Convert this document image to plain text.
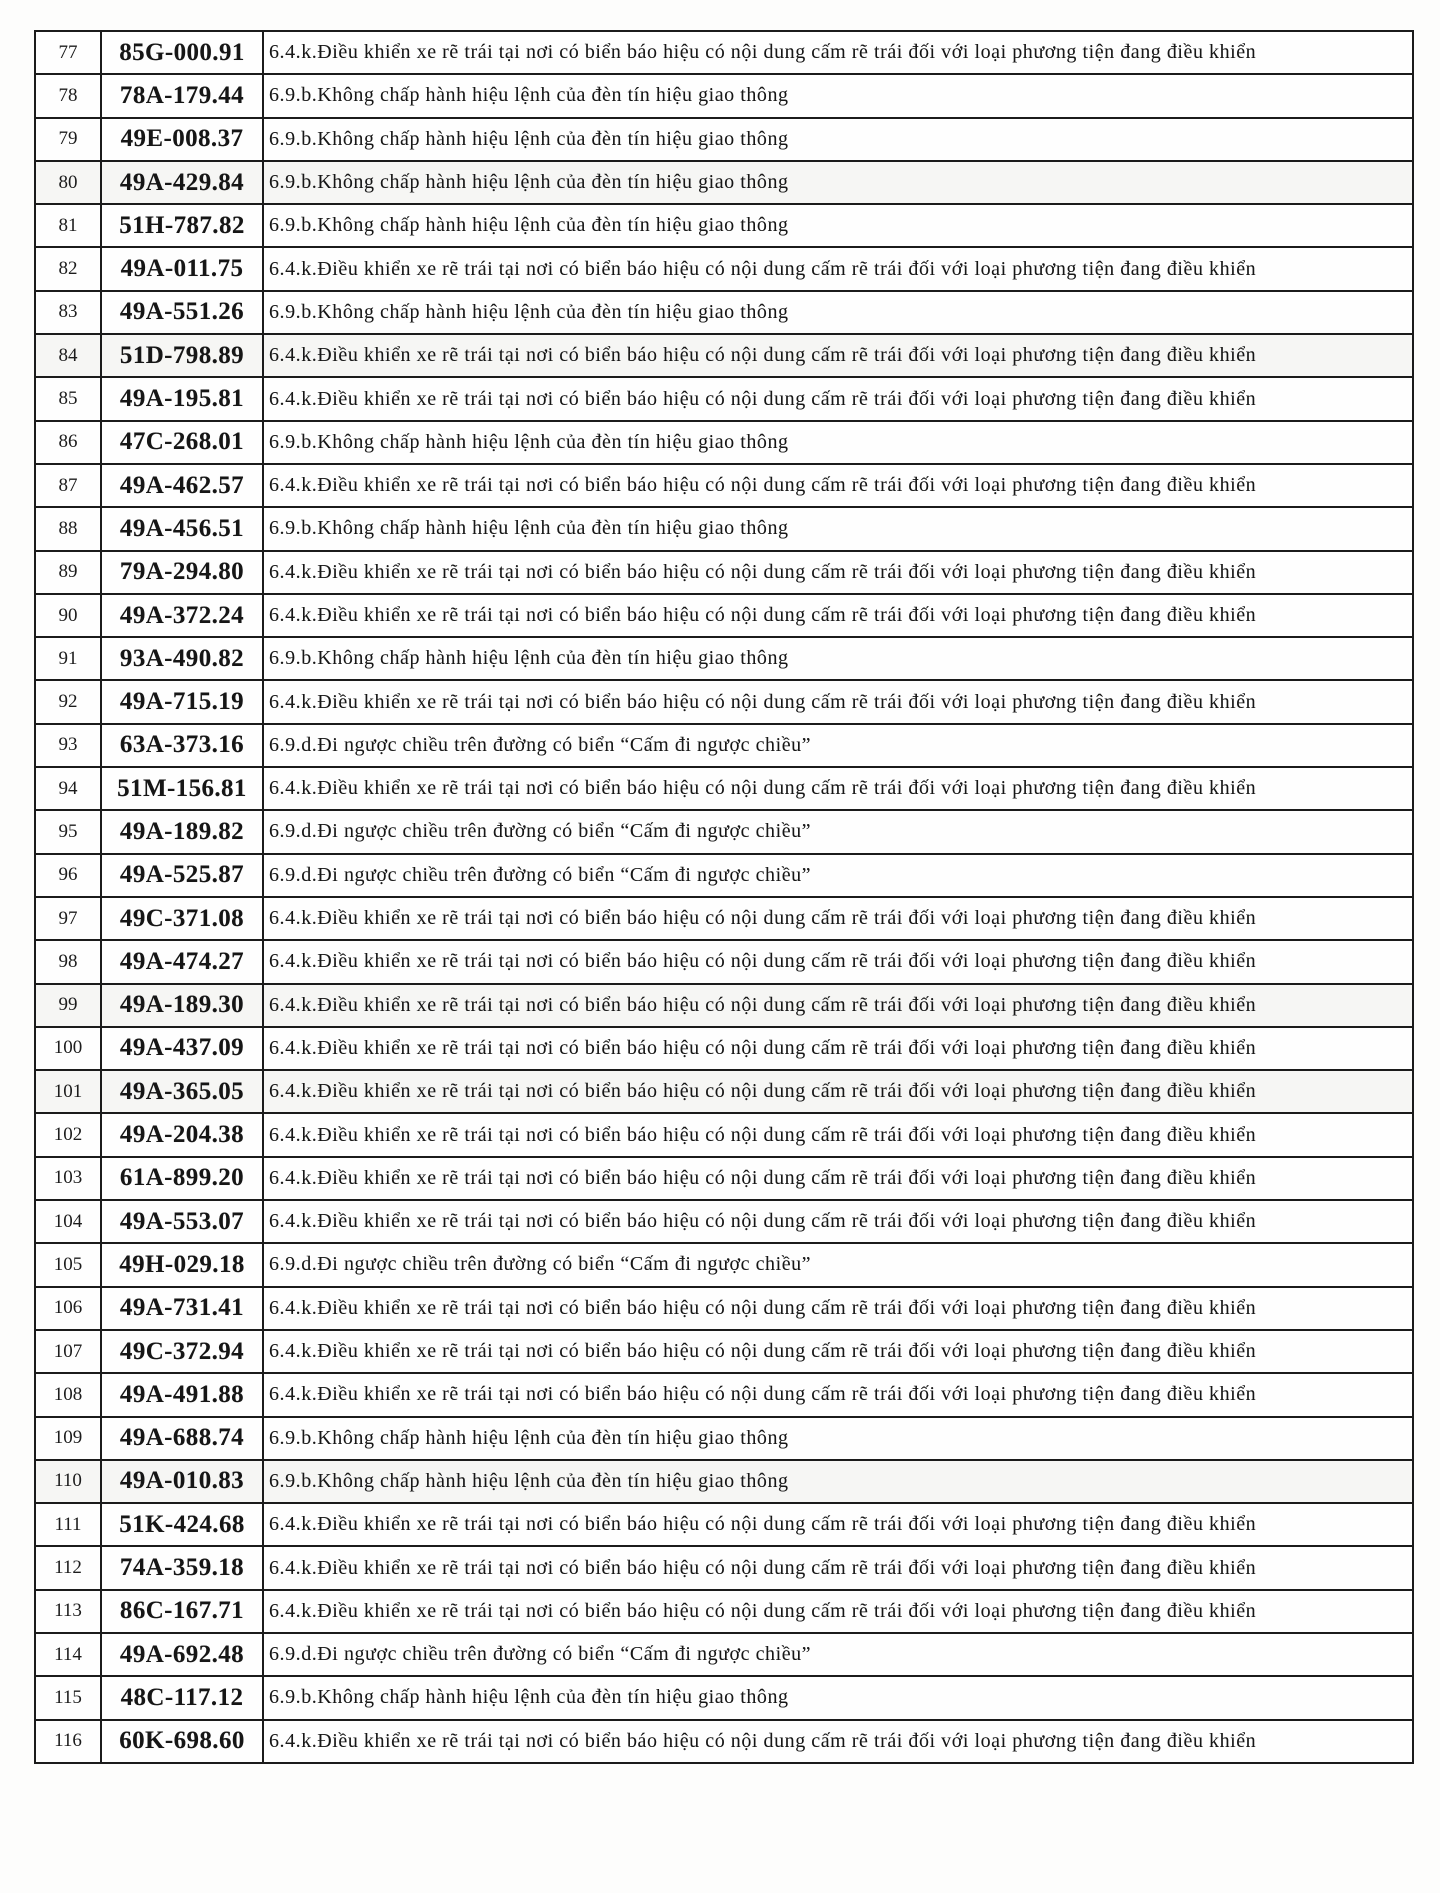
77	85G-000.91	6.4.k.Điều khiển xe rẽ trái tại nơi có biển báo hiệu có nội dung cấm rẽ trái đối với loại phương tiện đang điều khiển
78	78A-179.44	6.9.b.Không chấp hành hiệu lệnh của đèn tín hiệu giao thông
79	49E-008.37	6.9.b.Không chấp hành hiệu lệnh của đèn tín hiệu giao thông
80	49A-429.84	6.9.b.Không chấp hành hiệu lệnh của đèn tín hiệu giao thông
81	51H-787.82	6.9.b.Không chấp hành hiệu lệnh của đèn tín hiệu giao thông
82	49A-011.75	6.4.k.Điều khiển xe rẽ trái tại nơi có biển báo hiệu có nội dung cấm rẽ trái đối với loại phương tiện đang điều khiển
83	49A-551.26	6.9.b.Không chấp hành hiệu lệnh của đèn tín hiệu giao thông
84	51D-798.89	6.4.k.Điều khiển xe rẽ trái tại nơi có biển báo hiệu có nội dung cấm rẽ trái đối với loại phương tiện đang điều khiển
85	49A-195.81	6.4.k.Điều khiển xe rẽ trái tại nơi có biển báo hiệu có nội dung cấm rẽ trái đối với loại phương tiện đang điều khiển
86	47C-268.01	6.9.b.Không chấp hành hiệu lệnh của đèn tín hiệu giao thông
87	49A-462.57	6.4.k.Điều khiển xe rẽ trái tại nơi có biển báo hiệu có nội dung cấm rẽ trái đối với loại phương tiện đang điều khiển
88	49A-456.51	6.9.b.Không chấp hành hiệu lệnh của đèn tín hiệu giao thông
89	79A-294.80	6.4.k.Điều khiển xe rẽ trái tại nơi có biển báo hiệu có nội dung cấm rẽ trái đối với loại phương tiện đang điều khiển
90	49A-372.24	6.4.k.Điều khiển xe rẽ trái tại nơi có biển báo hiệu có nội dung cấm rẽ trái đối với loại phương tiện đang điều khiển
91	93A-490.82	6.9.b.Không chấp hành hiệu lệnh của đèn tín hiệu giao thông
92	49A-715.19	6.4.k.Điều khiển xe rẽ trái tại nơi có biển báo hiệu có nội dung cấm rẽ trái đối với loại phương tiện đang điều khiển
93	63A-373.16	6.9.d.Đi ngược chiều trên đường có biển “Cấm đi ngược chiều”
94	51M-156.81	6.4.k.Điều khiển xe rẽ trái tại nơi có biển báo hiệu có nội dung cấm rẽ trái đối với loại phương tiện đang điều khiển
95	49A-189.82	6.9.d.Đi ngược chiều trên đường có biển “Cấm đi ngược chiều”
96	49A-525.87	6.9.d.Đi ngược chiều trên đường có biển “Cấm đi ngược chiều”
97	49C-371.08	6.4.k.Điều khiển xe rẽ trái tại nơi có biển báo hiệu có nội dung cấm rẽ trái đối với loại phương tiện đang điều khiển
98	49A-474.27	6.4.k.Điều khiển xe rẽ trái tại nơi có biển báo hiệu có nội dung cấm rẽ trái đối với loại phương tiện đang điều khiển
99	49A-189.30	6.4.k.Điều khiển xe rẽ trái tại nơi có biển báo hiệu có nội dung cấm rẽ trái đối với loại phương tiện đang điều khiển
100	49A-437.09	6.4.k.Điều khiển xe rẽ trái tại nơi có biển báo hiệu có nội dung cấm rẽ trái đối với loại phương tiện đang điều khiển
101	49A-365.05	6.4.k.Điều khiển xe rẽ trái tại nơi có biển báo hiệu có nội dung cấm rẽ trái đối với loại phương tiện đang điều khiển
102	49A-204.38	6.4.k.Điều khiển xe rẽ trái tại nơi có biển báo hiệu có nội dung cấm rẽ trái đối với loại phương tiện đang điều khiển
103	61A-899.20	6.4.k.Điều khiển xe rẽ trái tại nơi có biển báo hiệu có nội dung cấm rẽ trái đối với loại phương tiện đang điều khiển
104	49A-553.07	6.4.k.Điều khiển xe rẽ trái tại nơi có biển báo hiệu có nội dung cấm rẽ trái đối với loại phương tiện đang điều khiển
105	49H-029.18	6.9.d.Đi ngược chiều trên đường có biển “Cấm đi ngược chiều”
106	49A-731.41	6.4.k.Điều khiển xe rẽ trái tại nơi có biển báo hiệu có nội dung cấm rẽ trái đối với loại phương tiện đang điều khiển
107	49C-372.94	6.4.k.Điều khiển xe rẽ trái tại nơi có biển báo hiệu có nội dung cấm rẽ trái đối với loại phương tiện đang điều khiển
108	49A-491.88	6.4.k.Điều khiển xe rẽ trái tại nơi có biển báo hiệu có nội dung cấm rẽ trái đối với loại phương tiện đang điều khiển
109	49A-688.74	6.9.b.Không chấp hành hiệu lệnh của đèn tín hiệu giao thông
110	49A-010.83	6.9.b.Không chấp hành hiệu lệnh của đèn tín hiệu giao thông
111	51K-424.68	6.4.k.Điều khiển xe rẽ trái tại nơi có biển báo hiệu có nội dung cấm rẽ trái đối với loại phương tiện đang điều khiển
112	74A-359.18	6.4.k.Điều khiển xe rẽ trái tại nơi có biển báo hiệu có nội dung cấm rẽ trái đối với loại phương tiện đang điều khiển
113	86C-167.71	6.4.k.Điều khiển xe rẽ trái tại nơi có biển báo hiệu có nội dung cấm rẽ trái đối với loại phương tiện đang điều khiển
114	49A-692.48	6.9.d.Đi ngược chiều trên đường có biển “Cấm đi ngược chiều”
115	48C-117.12	6.9.b.Không chấp hành hiệu lệnh của đèn tín hiệu giao thông
116	60K-698.60	6.4.k.Điều khiển xe rẽ trái tại nơi có biển báo hiệu có nội dung cấm rẽ trái đối với loại phương tiện đang điều khiển
